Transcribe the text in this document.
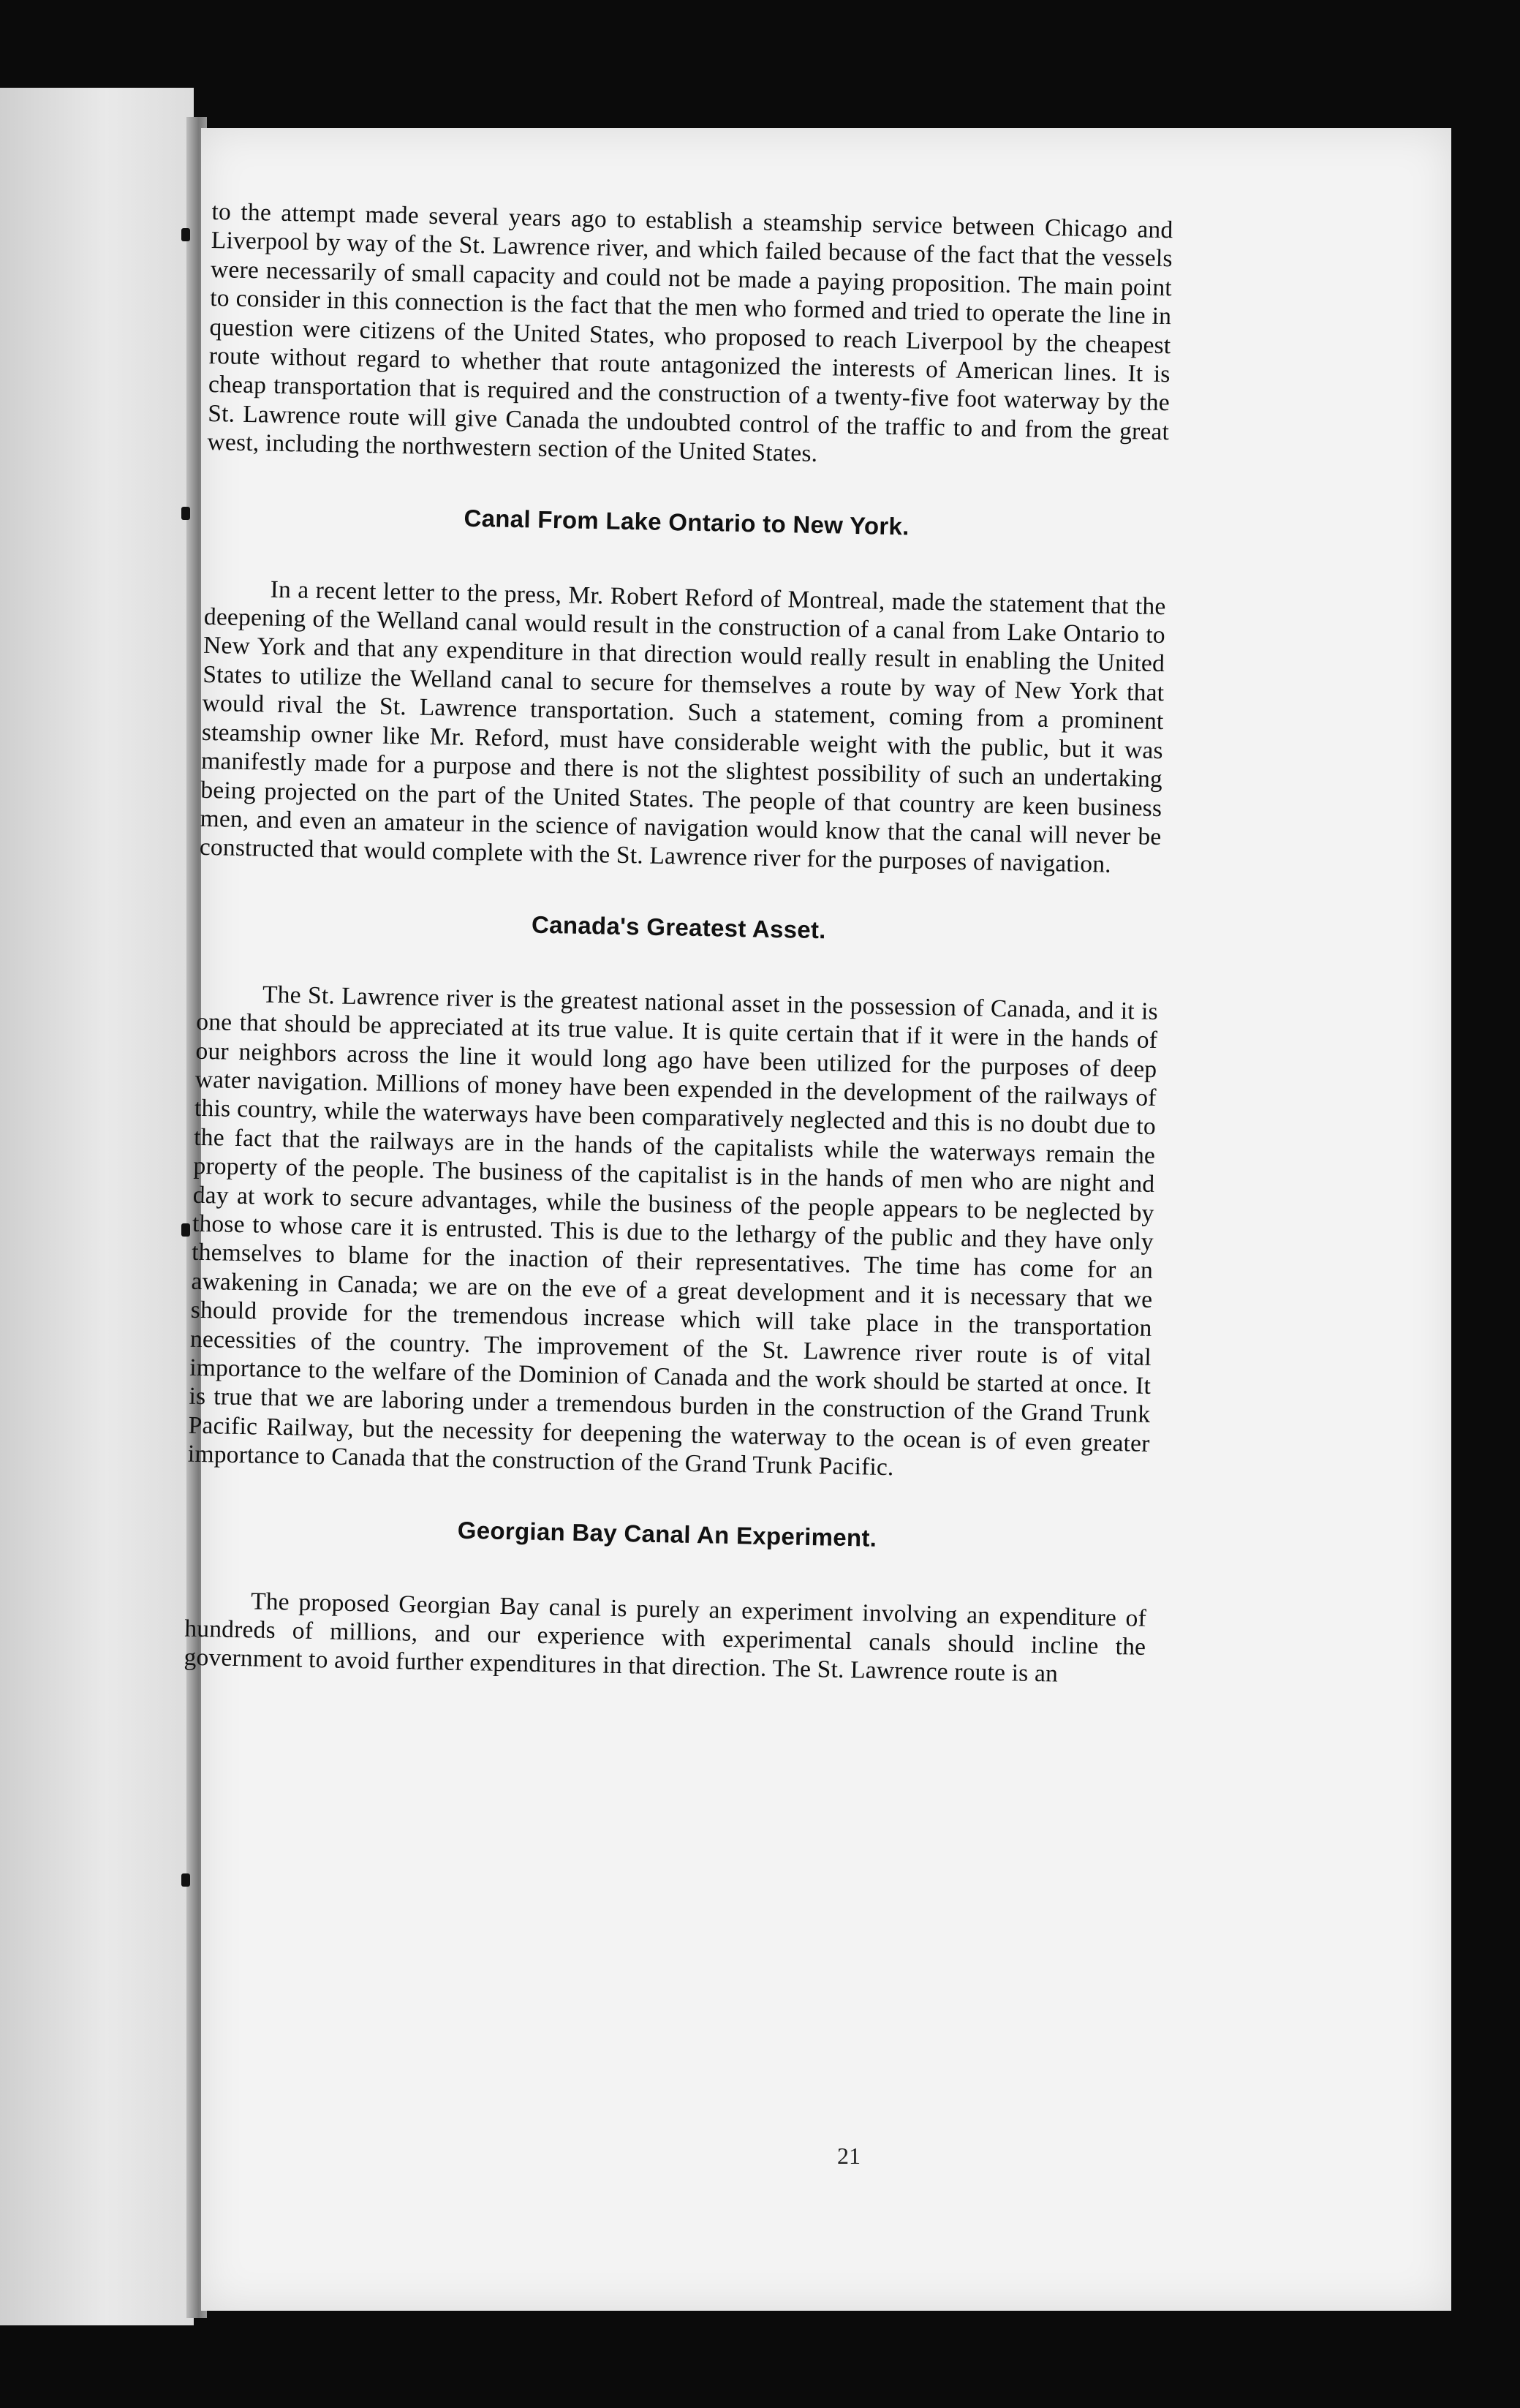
to the attempt made several years ago to establish a steamship service between Chicago and Liverpool by way of the St. Lawrence river, and which failed because of the fact that the vessels were necessarily of small capacity and could not be made a paying proposition. The main point to consider in this connection is the fact that the men who formed and tried to operate the line in question were citizens of the United States, who proposed to reach Liverpool by the cheapest route without regard to whether that route antagonized the interests of American lines. It is cheap transportation that is required and the construction of a twenty-five foot waterway by the St. Lawrence route will give Canada the undoubted control of the traffic to and from the great west, including the northwestern section of the United States.

Canal From Lake Ontario to New York.

In a recent letter to the press, Mr. Robert Reford of Montreal, made the statement that the deepening of the Welland canal would result in the construction of a canal from Lake Ontario to New York and that any expenditure in that direction would really result in enabling the United States to utilize the Welland canal to secure for themselves a route by way of New York that would rival the St. Lawrence transportation. Such a statement, coming from a prominent steamship owner like Mr. Reford, must have considerable weight with the public, but it was manifestly made for a purpose and there is not the slightest possibility of such an undertaking being projected on the part of the United States. The people of that country are keen business men, and even an amateur in the science of navigation would know that the canal will never be constructed that would complete with the St. Lawrence river for the purposes of navigation.

Canada's Greatest Asset.

The St. Lawrence river is the greatest national asset in the possession of Canada, and it is one that should be appreciated at its true value. It is quite certain that if it were in the hands of our neighbors across the line it would long ago have been utilized for the purposes of deep water navigation. Millions of money have been expended in the development of the railways of this country, while the waterways have been comparatively neglected and this is no doubt due to the fact that the railways are in the hands of the capitalists while the waterways remain the property of the people. The business of the capitalist is in the hands of men who are night and day at work to secure advantages, while the business of the people appears to be neglected by those to whose care it is entrusted. This is due to the lethargy of the public and they have only themselves to blame for the inaction of their representatives. The time has come for an awakening in Canada; we are on the eve of a great development and it is necessary that we should provide for the tremendous increase which will take place in the transportation necessities of the country. The improvement of the St. Lawrence river route is of vital importance to the welfare of the Dominion of Canada and the work should be started at once. It is true that we are laboring under a tremendous burden in the construction of the Grand Trunk Pacific Railway, but the necessity for deepening the waterway to the ocean is of even greater importance to Canada that the construction of the Grand Trunk Pacific.

Georgian Bay Canal An Experiment.

The proposed Georgian Bay canal is purely an experiment involving an expenditure of hundreds of millions, and our experience with experimental canals should incline the government to avoid further expenditures in that direction. The St. Lawrence route is an

21
